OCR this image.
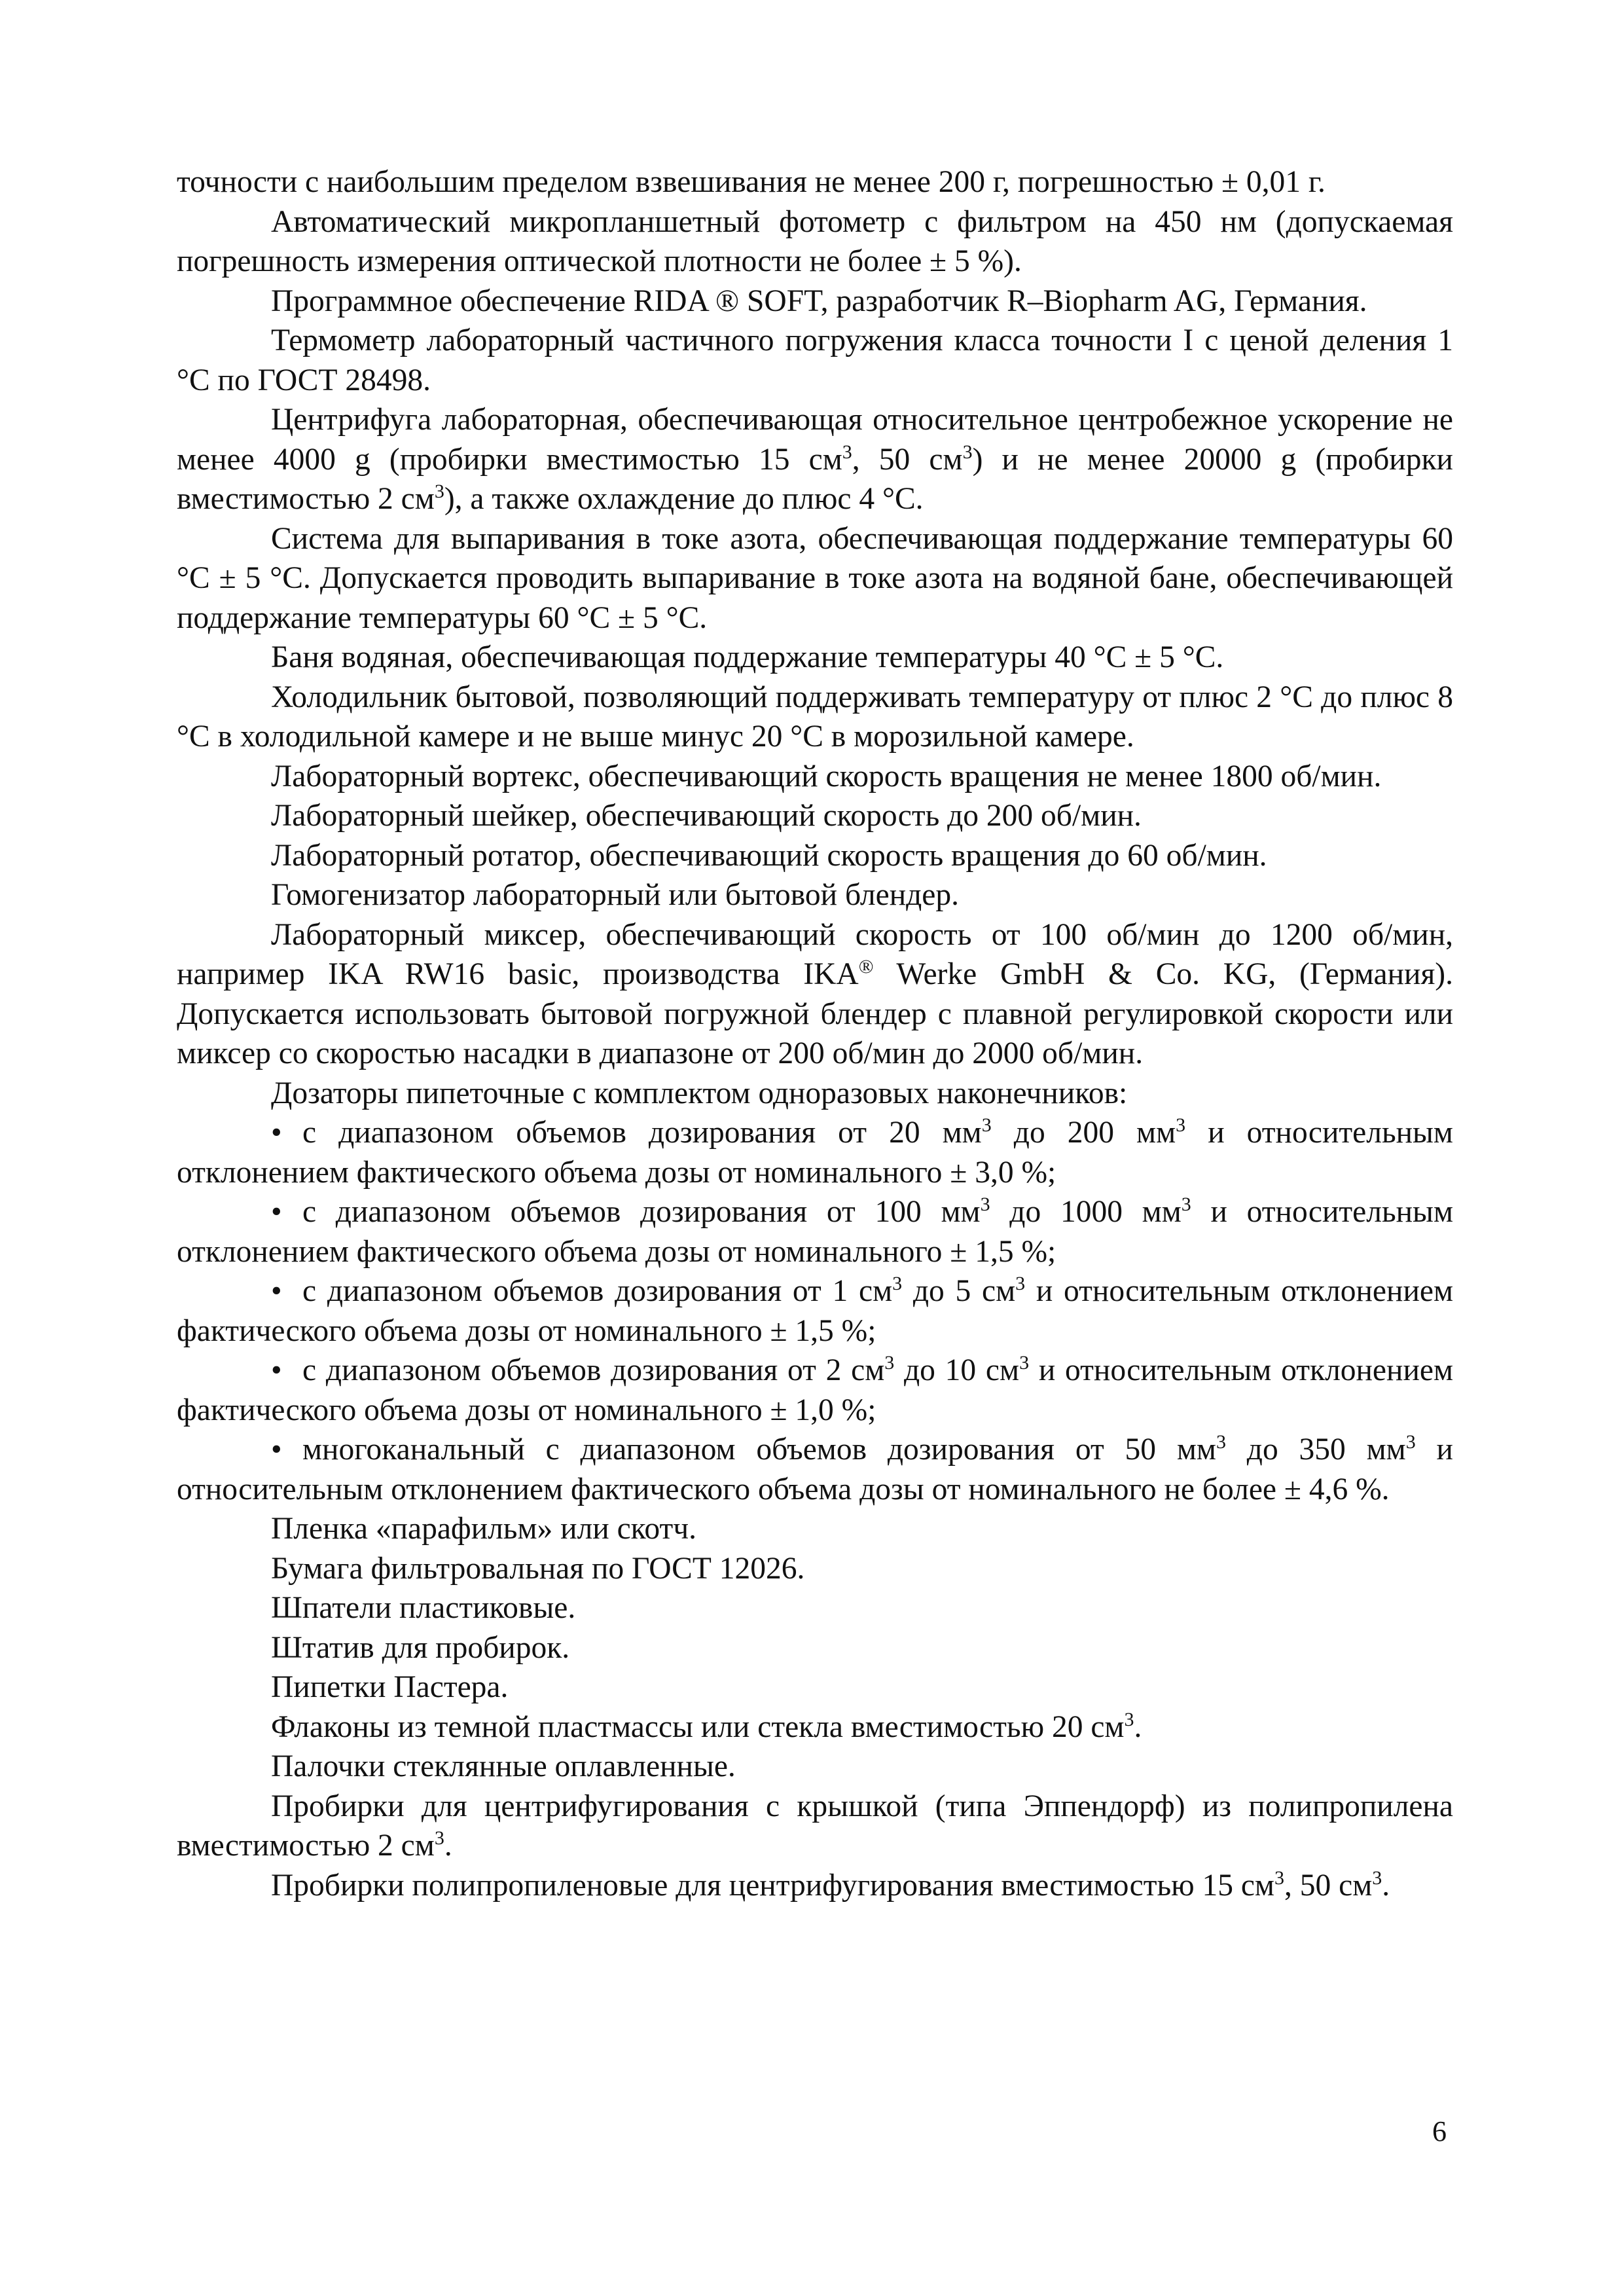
точности с наибольшим пределом взвешивания не менее 200 г, погрешностью ± 0,01 г.

Автоматический микропланшетный фотометр с фильтром на 450 нм (допускаемая погрешность измерения оптической плотности не более ± 5 %).

Программное обеспечение RIDA ® SOFT, разработчик R–Biopharm AG, Германия.

Термометр лабораторный частичного погружения класса точности I с ценой деления 1 °С по ГОСТ 28498.

Центрифуга лабораторная, обеспечивающая относительное центробежное ускорение не менее 4000 g (пробирки вместимостью 15 $см^3$, 50 $см^3$) и не менее 20000 g (пробирки вместимостью 2 $см^3$), а также охлаждение до плюс 4 °С.

Система для выпаривания в токе азота, обеспечивающая поддержание температуры 60 °С ± 5 °С. Допускается проводить выпаривание в токе азота на водяной бане, обеспечивающей поддержание температуры 60 °С ± 5 °С.

Баня водяная, обеспечивающая поддержание температуры 40 °С ± 5 °С.

Холодильник бытовой, позволяющий поддерживать температуру от плюс 2 °С до плюс 8 °С в холодильной камере и не выше минус 20 °С в морозильной камере.

Лабораторный вортекс, обеспечивающий скорость вращения не менее 1800 об/мин.

Лабораторный шейкер, обеспечивающий скорость до 200 об/мин.

Лабораторный ротатор, обеспечивающий скорость вращения до 60 об/мин.

Гомогенизатор лабораторный или бытовой блендер.

Лабораторный миксер, обеспечивающий скорость от 100 об/мин до 1200 об/мин, например IKA RW16 basic, производства IKA® Werke GmbH & Co. KG, (Германия). Допускается использовать бытовой погружной блендер с плавной регулировкой скорости или миксер со скоростью насадки в диапазоне от 200 об/мин до 2000 об/мин.

Дозаторы пипеточные с комплектом одноразовых наконечников:

• с диапазоном объемов дозирования от 20 $мм^3$ до 200 $мм^3$ и относительным отклонением фактического объема дозы от номинального ± 3,0 %;

• с диапазоном объемов дозирования от 100 $мм^3$ до 1000 $мм^3$ и относительным отклонением фактического объема дозы от номинального ± 1,5 %;

• с диапазоном объемов дозирования от 1 $см^3$ до 5 $см^3$ и относительным отклонением фактического объема дозы от номинального ± 1,5 %;

• с диапазоном объемов дозирования от 2 $см^3$ до 10 $см^3$ и относительным отклонением фактического объема дозы от номинального ± 1,0 %;

• многоканальный с диапазоном объемов дозирования от 50 $мм^3$ до 350 $мм^3$ и относительным отклонением фактического объема дозы от номинального не более ± 4,6 %.

Пленка «парафильм» или скотч.

Бумага фильтровальная по ГОСТ 12026.

Шпатели пластиковые.

Штатив для пробирок.

Пипетки Пастера.

Флаконы из темной пластмассы или стекла вместимостью 20 $см^3$.

Палочки стеклянные оплавленные.

Пробирки для центрифугирования с крышкой (типа Эппендорф) из полипропилена вместимостью 2 $см^3$.

Пробирки полипропиленовые для центрифугирования вместимостью 15 $см^3$, 50 $см^3$.

6
